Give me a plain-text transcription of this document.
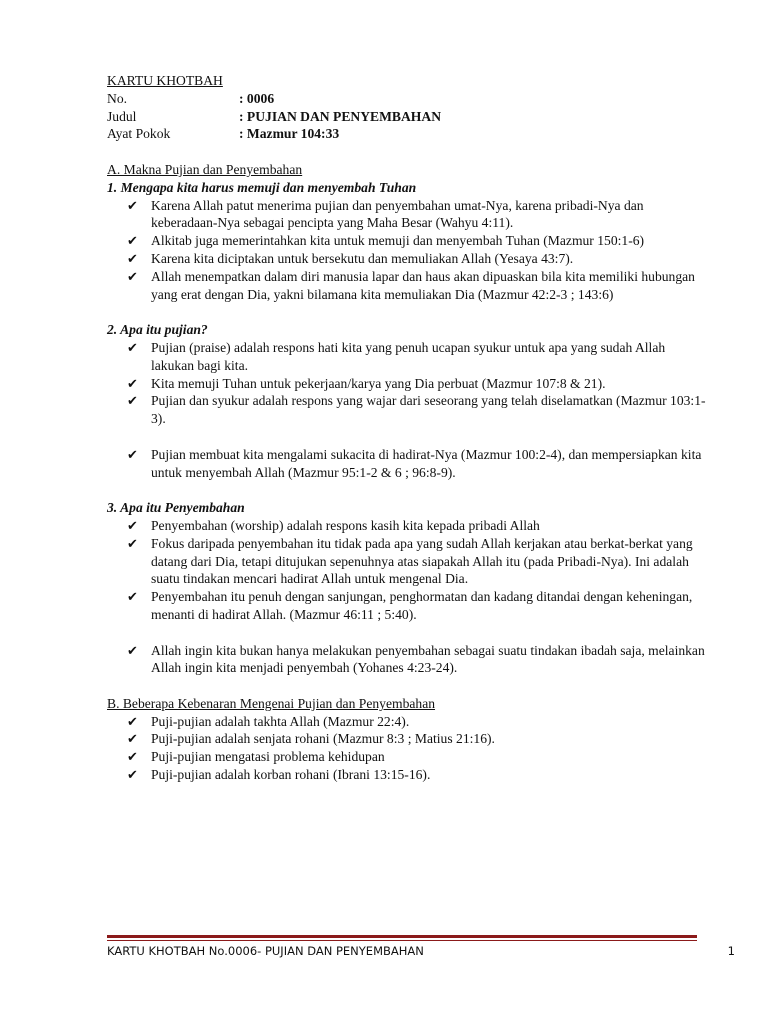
KARTU KHOTBAH
No.	: 0006
Judul	: PUJIAN DAN PENYEMBAHAN
Ayat Pokok	: Mazmur 104:33
A. Makna Pujian dan Penyembahan
1. Mengapa kita harus memuji dan menyembah Tuhan
✔ Karena Allah patut menerima pujian dan penyembahan umat-Nya, karena pribadi-Nya dan keberadaan-Nya sebagai pencipta yang Maha Besar (Wahyu 4:11).
✔ Alkitab juga memerintahkan kita untuk memuji dan menyembah Tuhan (Mazmur 150:1-6)
✔ Karena kita diciptakan untuk bersekutu dan memuliakan Allah (Yesaya 43:7).
✔ Allah menempatkan dalam diri manusia lapar dan haus akan dipuaskan bila kita memiliki hubungan yang erat dengan Dia, yakni bilamana kita memuliakan Dia (Mazmur 42:2-3 ; 143:6)
2. Apa itu pujian?
✔ Pujian (praise) adalah respons hati kita yang penuh ucapan syukur untuk apa yang sudah Allah lakukan bagi kita.
✔ Kita memuji Tuhan untuk pekerjaan/karya yang Dia perbuat (Mazmur 107:8 & 21).
✔ Pujian dan syukur adalah respons yang wajar dari seseorang yang telah diselamatkan (Mazmur 103:1-3).
✔ Pujian membuat kita mengalami sukacita di hadirat-Nya (Mazmur 100:2-4), dan mempersiapkan kita untuk menyembah Allah (Mazmur 95:1-2 & 6 ; 96:8-9).
3. Apa itu Penyembahan
✔ Penyembahan (worship) adalah respons kasih kita kepada pribadi Allah
✔ Fokus daripada penyembahan itu tidak pada apa yang sudah Allah kerjakan atau berkat-berkat yang datang dari Dia, tetapi ditujukan sepenuhnya atas siapakah Allah itu (pada Pribadi-Nya). Ini adalah suatu tindakan mencari hadirat Allah untuk mengenal Dia.
✔ Penyembahan itu penuh dengan sanjungan, penghormatan dan kadang ditandai dengan keheningan, menanti di hadirat Allah. (Mazmur 46:11 ; 5:40).
✔ Allah ingin kita bukan hanya melakukan penyembahan sebagai suatu tindakan ibadah saja, melainkan Allah ingin kita menjadi penyembah (Yohanes 4:23-24).
B. Beberapa Kebenaran Mengenai Pujian dan Penyembahan
✔ Puji-pujian adalah takhta Allah (Mazmur 22:4).
✔ Puji-pujian adalah senjata rohani (Mazmur 8:3 ; Matius 21:16).
✔ Puji-pujian mengatasi problema kehidupan
✔ Puji-pujian adalah korban rohani (Ibrani 13:15-16).
KARTU KHOTBAH No.0006- PUJIAN DAN PENYEMBAHAN	1
